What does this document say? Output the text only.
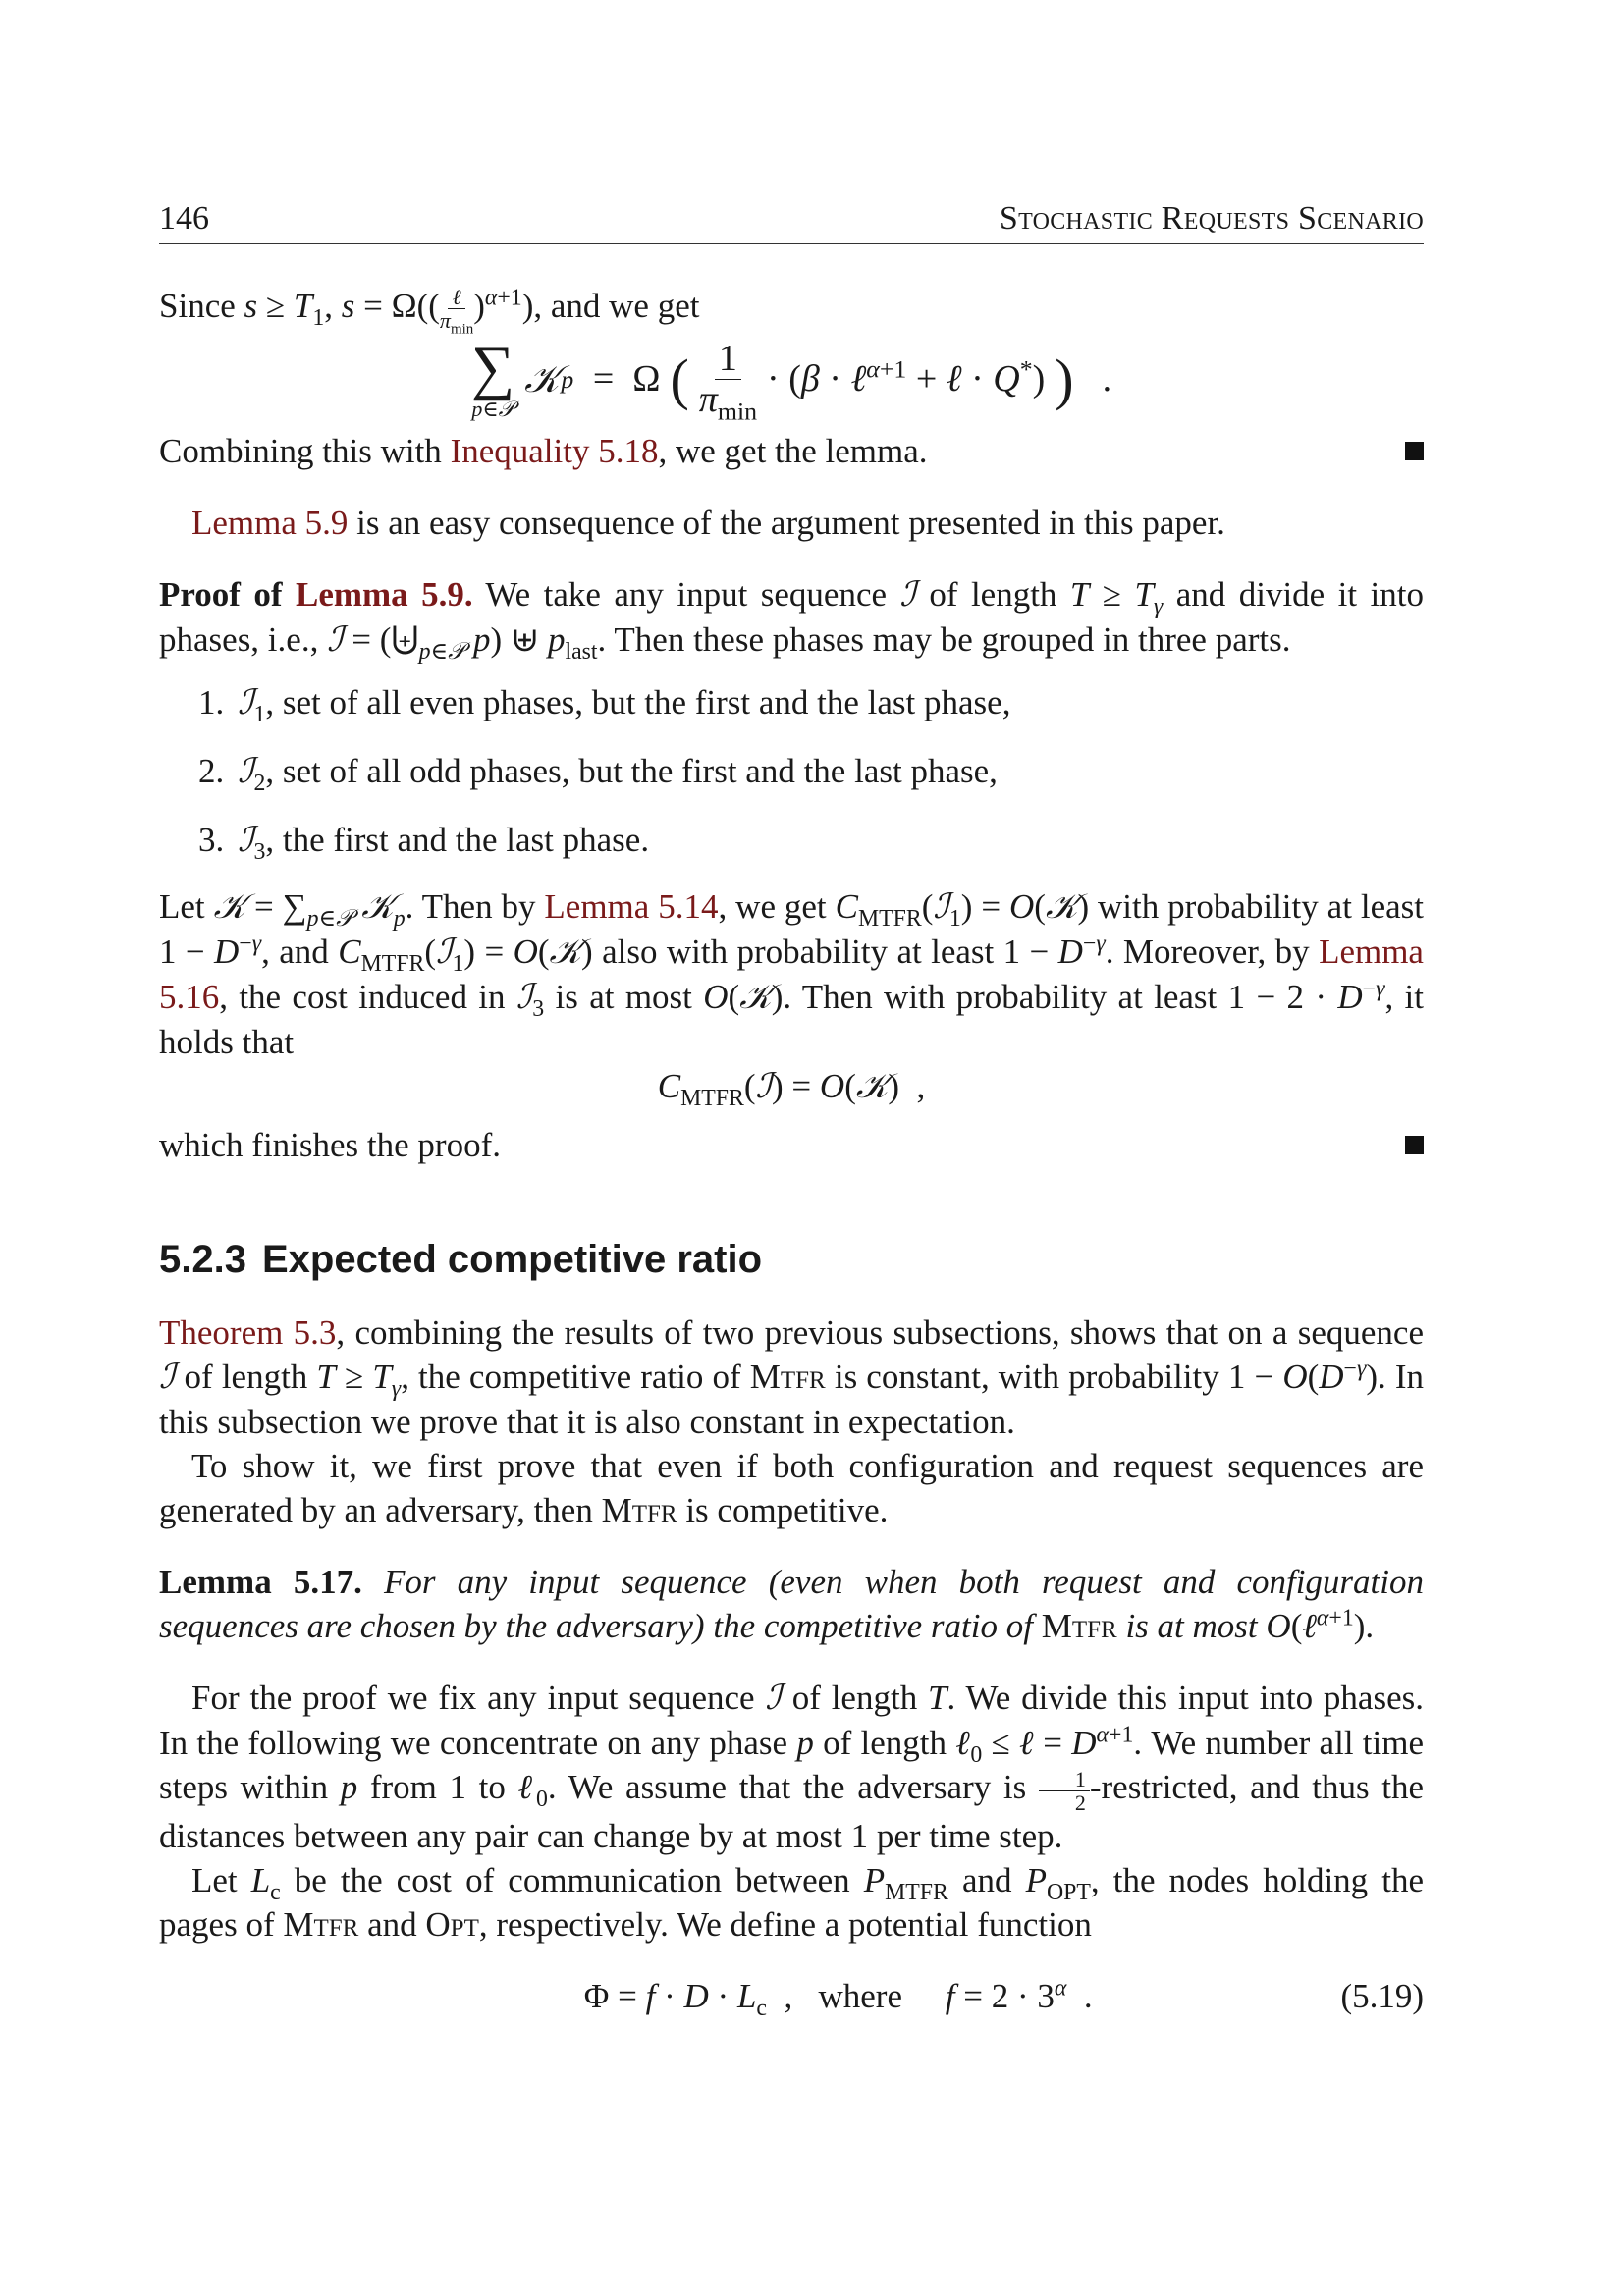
146	Stochastic Requests Scenario

Since $s \ge T_1$, $s = \Omega(( \frac{\text{ℓ}}{\pi_{min}} )^{\alpha+1})$, and we get

∑
p∈𝒫
𝒦 p =  Ω ( $\frac{1}{\pi_{min}} \cdot (\beta$ · ℓ$^{\alpha+1}$ + ℓ · Q*) ) .

Combining this with Inequality 5.18, we get the lemma.

Lemma 5.9 is an easy consequence of the argument presented in this paper.

Proof of Lemma 5.9. We take any input sequence ℐ of length $T \ge T_\gamma$ and divide it into phases, i.e., ℐ = ($⨄_{p\in 𝒫}$ p) ⊎ $p_{last}$. Then these phases may be grouped in three parts.

1. ℐ$_1$, set of all even phases, but the first and the last phase,
2. ℐ$_2$, set of all odd phases, but the first and the last phase,
3. ℐ$_3$, the first and the last phase.

Let 𝒦 = $\sum_{p\in 𝒫}$ 𝒦$_p$. Then by Lemma 5.14, we get $C_{MTFR}(ℐ_1)$ = O(𝒦) with probability at least $1 - D^{-\gamma}$, and $C_{MTFR}(ℐ_1)$ = O(𝒦) also with probability at least $1 - D^{-\gamma}$. Moreover, by Lemma 5.16, the cost induced in ℐ$_3$ is at most O(𝒦). Then with probability at least $1 - 2 \cdot D^{-\gamma}$, it holds that

$C_{MTFR}(ℐ)$ = O(𝒦)  ,

which finishes the proof.

5.2.3 Expected competitive ratio

Theorem 5.3, combining the results of two previous subsections, shows that on a sequence ℐ of length $T \ge T_\gamma$, the competitive ratio of Mtfr is constant, with probability $1 - O(D^{-\gamma})$. In this subsection we prove that it is also constant in expectation.

To show it, we first prove that even if both configuration and request sequences are generated by an adversary, then Mtfr is competitive.

Lemma 5.17. For any input sequence (even when both request and configuration sequences are chosen by the adversary) the competitive ratio of Mtfr is at most O(ℓ$^{\alpha+1}$).

For the proof we fix any input sequence ℐ of length T. We divide this input into phases. In the following we concentrate on any phase p of length ℓ$_0$ ≤ ℓ = $D^{\alpha+1}$. We number all time steps within p from 1 to ℓ$_0$. We assume that the adversary is $\frac{1}{2}$ -restricted, and thus the distances between any pair can change by at most 1 per time step.

Let $L_c$ be the cost of communication between $P_{MTFR}$ and $P_{OPT}$, the nodes holding the pages of Mtfr and Opt, respectively. We define a potential function

$\Phi = f \cdot D \cdot L_c$  ,   where $f = 2 \cdot 3^\alpha$  .	(5.19)
